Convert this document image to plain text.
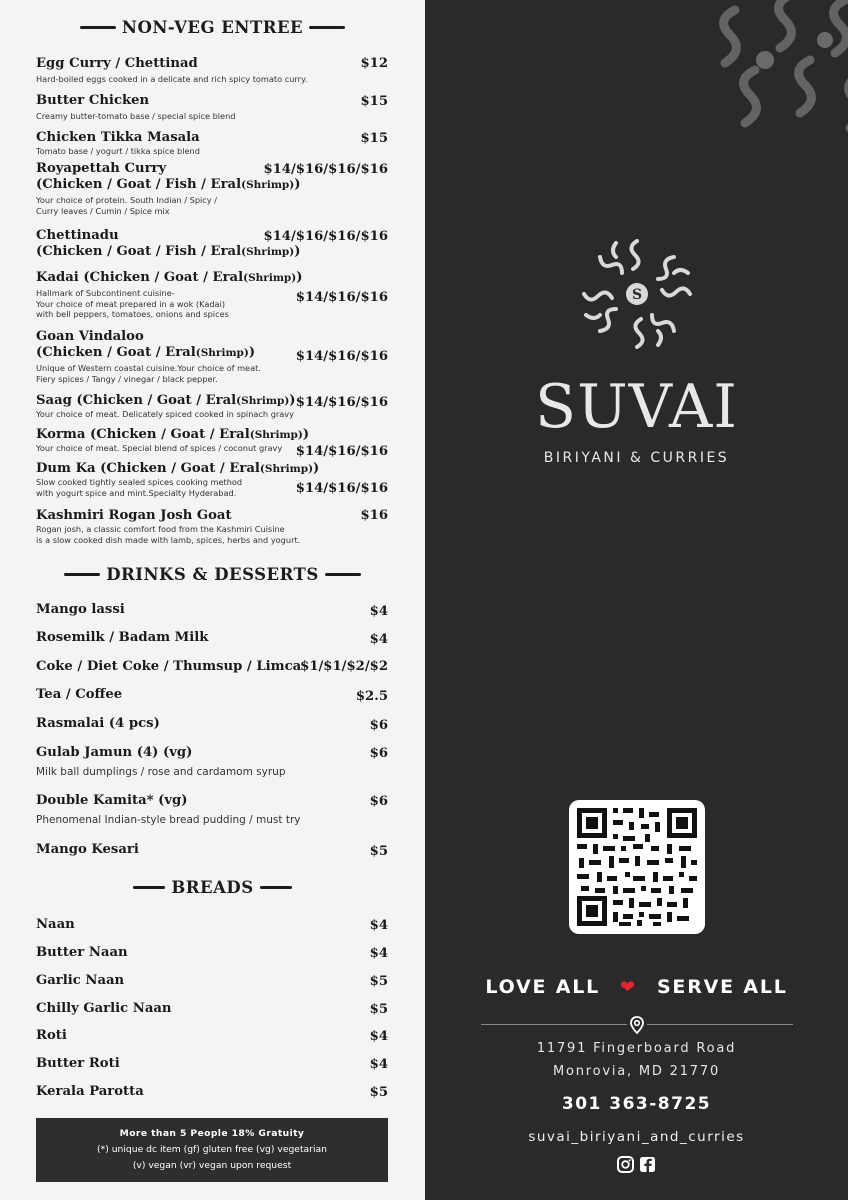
NON-VEG ENTREE
$12
Egg Curry / Chettinad
Hard-boiled eggs cooked in a delicate and rich spicy tomato curry.
$15
Butter Chicken
Creamy butter-tomato base / special spice blend
$15
Chicken Tikka Masala
Tomato base / yogurt / tikka spice blend
$14/$16/$16/$16
Royapettah Curry
(Chicken / Goat / Fish / Eral(Shrimp))
Your choice of protein. South Indian / Spicy /
Curry leaves / Cumin / Spice mix
$14/$16/$16/$16
Chettinadu
(Chicken / Goat / Fish / Eral(Shrimp))
$14/$16/$16
Kadai (Chicken / Goat / Eral(Shrimp))
Hallmark of Subcontinent cuisine-
Your choice of meat prepared in a wok (Kadai)
with bell peppers, tomatoes, onions and spices
$14/$16/$16
Goan Vindaloo
(Chicken / Goat / Eral(Shrimp))
Unique of Western coastal cuisine.Your choice of meat.
Fiery spices / Tangy / vinegar / black pepper.
$14/$16/$16
Saag (Chicken / Goat / Eral(Shrimp))
Your choice of meat. Delicately spiced cooked in spinach gravy
$14/$16/$16
Korma (Chicken / Goat / Eral(Shrimp))
Your choice of meat. Special blend of spices / coconut gravy
$14/$16/$16
Dum Ka (Chicken / Goat / Eral(Shrimp))
Slow cooked tightly sealed spices cooking method
with yogurt spice and mint.Specialty Hyderabad.
$16
Kashmiri Rogan Josh Goat
Rogan josh, a classic comfort food from the Kashmiri Cuisine
is a slow cooked dish made with lamb, spices, herbs and yogurt.
DRINKS & DESSERTS
$4
Mango lassi
$4
Rosemilk / Badam Milk
$1/$1/$2/$2
Coke / Diet Coke / Thumsup / Limca
$2.5
Tea / Coffee
$6
Rasmalai (4 pcs)
$6
Gulab Jamun (4) (vg)
Milk ball dumplings / rose and cardamom syrup
$6
Double Kamita* (vg)
Phenomenal Indian-style bread pudding / must try
$5
Mango Kesari
BREADS
$4
Naan
$4
Butter Naan
$5
Garlic Naan
$5
Chilly Garlic Naan
$4
Roti
$4
Butter Roti
$5
Kerala Parotta
More than 5 People 18% Gratuity
(*) unique dc item (gf) gluten free (vg) vegetarian
(v) vegan (vr) vegan upon request
S
SUVAI
BIRIYANI & CURRIES
LOVE ALL ❤ SERVE ALL
11791 Fingerboard Road
Monrovia, MD 21770
301 363-8725
suvai_biriyani_and_curries
